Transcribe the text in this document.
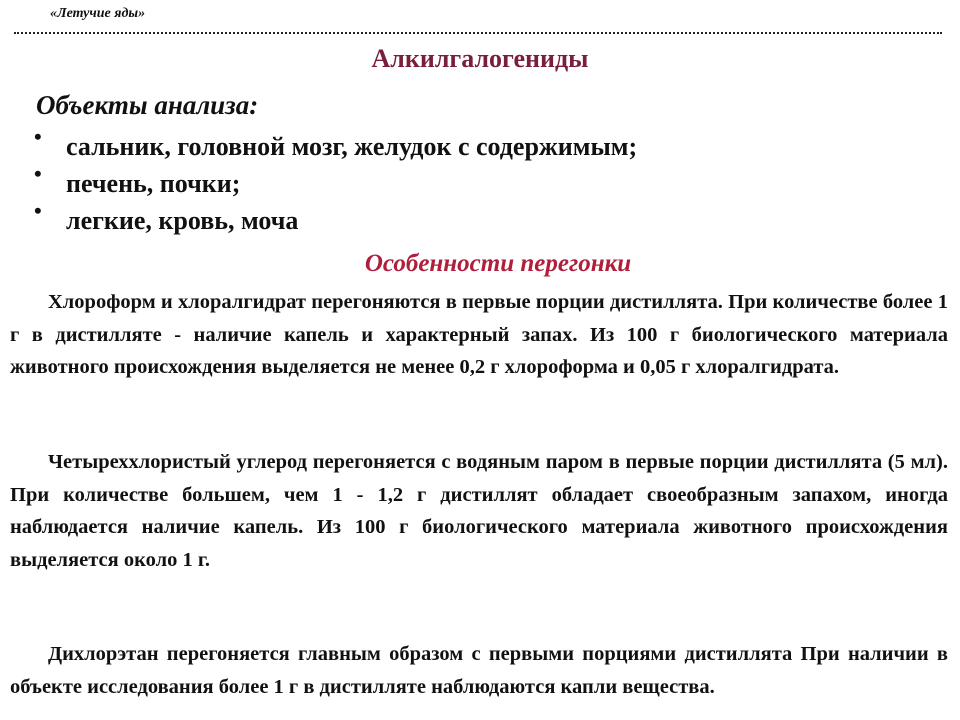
«Летучие яды»
Алкилгалогениды
Объекты анализа:
• сальник, головной мозг, желудок с содержимым;
• печень, почки;
• легкие, кровь, моча
Особенности перегонки

Хлороформ и хлоралгидрат перегоняются в первые порции дистиллята. При количестве более 1 г в дистилляте - наличие капель и характерный запах. Из 100 г биологического материала животного происхождения выделяется не менее 0,2 г хлороформа и 0,05 г хлоралгидрата.

Четыреххлористый углерод перегоняется с водяным паром в первые порции дистиллята (5 мл). При количестве большем, чем 1 - 1,2 г дистиллят обладает своеобразным запахом, иногда наблюдается наличие капель. Из 100 г биологического материала животного происхождения выделяется около 1 г.

Дихлорэтан перегоняется главным образом с первыми порциями дистиллята При наличии в объекте исследования более 1 г в дистилляте наблюдаются капли вещества.
